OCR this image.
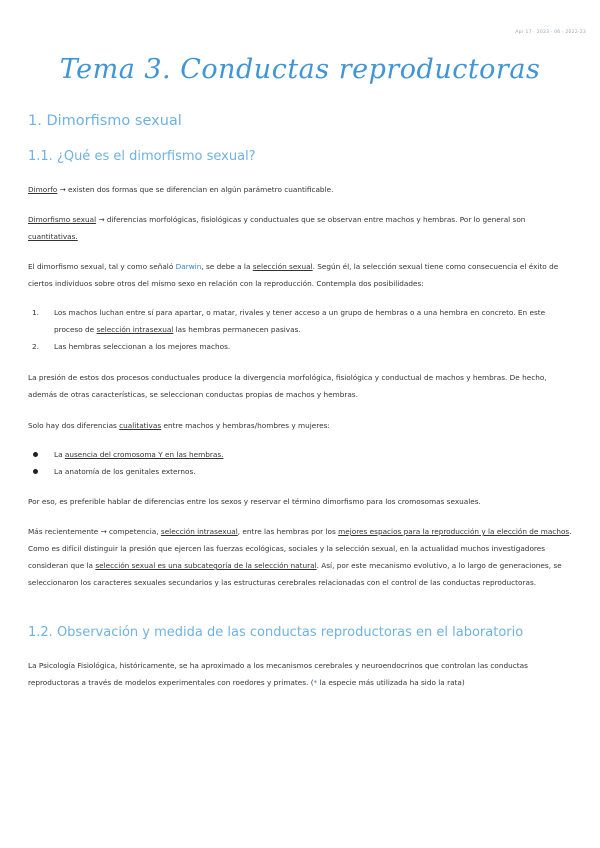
Apr 17 · 2023 · 06 · 2022-23
Tema 3. Conductas reproductoras
1. Dimorfismo sexual
1.1. ¿Qué es el dimorfismo sexual?

Dimorfo → existen dos formas que se diferencian en algún parámetro cuantificable.

Dimorfismo sexual → diferencias morfológicas, fisiológicas y conductuales que se observan entre machos y hembras. Por lo general son cuantitativas.

El dimorfismo sexual, tal y como señaló Darwin, se debe a la selección sexual. Según él, la selección sexual tiene como consecuencia el éxito de ciertos individuos sobre otros del mismo sexo en relación con la reproducción. Contempla dos posibilidades:

1. Los machos luchan entre sí para apartar, o matar, rivales y tener acceso a un grupo de hembras o a una hembra en concreto. En este proceso de selección intrasexual las hembras permanecen pasivas.
2. Las hembras seleccionan a los mejores machos.

La presión de estos dos procesos conductuales produce la divergencia morfológica, fisiológica y conductual de machos y hembras. De hecho, además de otras características, se seleccionan conductas propias de machos y hembras.

Solo hay dos diferencias cualitativas entre machos y hembras/hombres y mujeres:

La ausencia del cromosoma Y en las hembras.
La anatomía de los genitales externos.

Por eso, es preferible hablar de diferencias entre los sexos y reservar el término dimorfismo para los cromosomas sexuales.

Más recientemente → competencia, selección intrasexual, entre las hembras por los mejores espacios para la reproducción y la elección de machos. Como es difícil distinguir la presión que ejercen las fuerzas ecológicas, sociales y la selección sexual, en la actualidad muchos investigadores consideran que la selección sexual es una subcategoría de la selección natural. Así, por este mecanismo evolutivo, a lo largo de generaciones, se seleccionaron los caracteres sexuales secundarios y las estructuras cerebrales relacionadas con el control de las conductas reproductoras.

1.2. Observación y medida de las conductas reproductoras en el laboratorio

La Psicología Fisiológica, históricamente, se ha aproximado a los mecanismos cerebrales y neuroendocrinos que controlan las conductas reproductoras a través de modelos experimentales con roedores y primates. (* la especie más utilizada ha sido la rata)
